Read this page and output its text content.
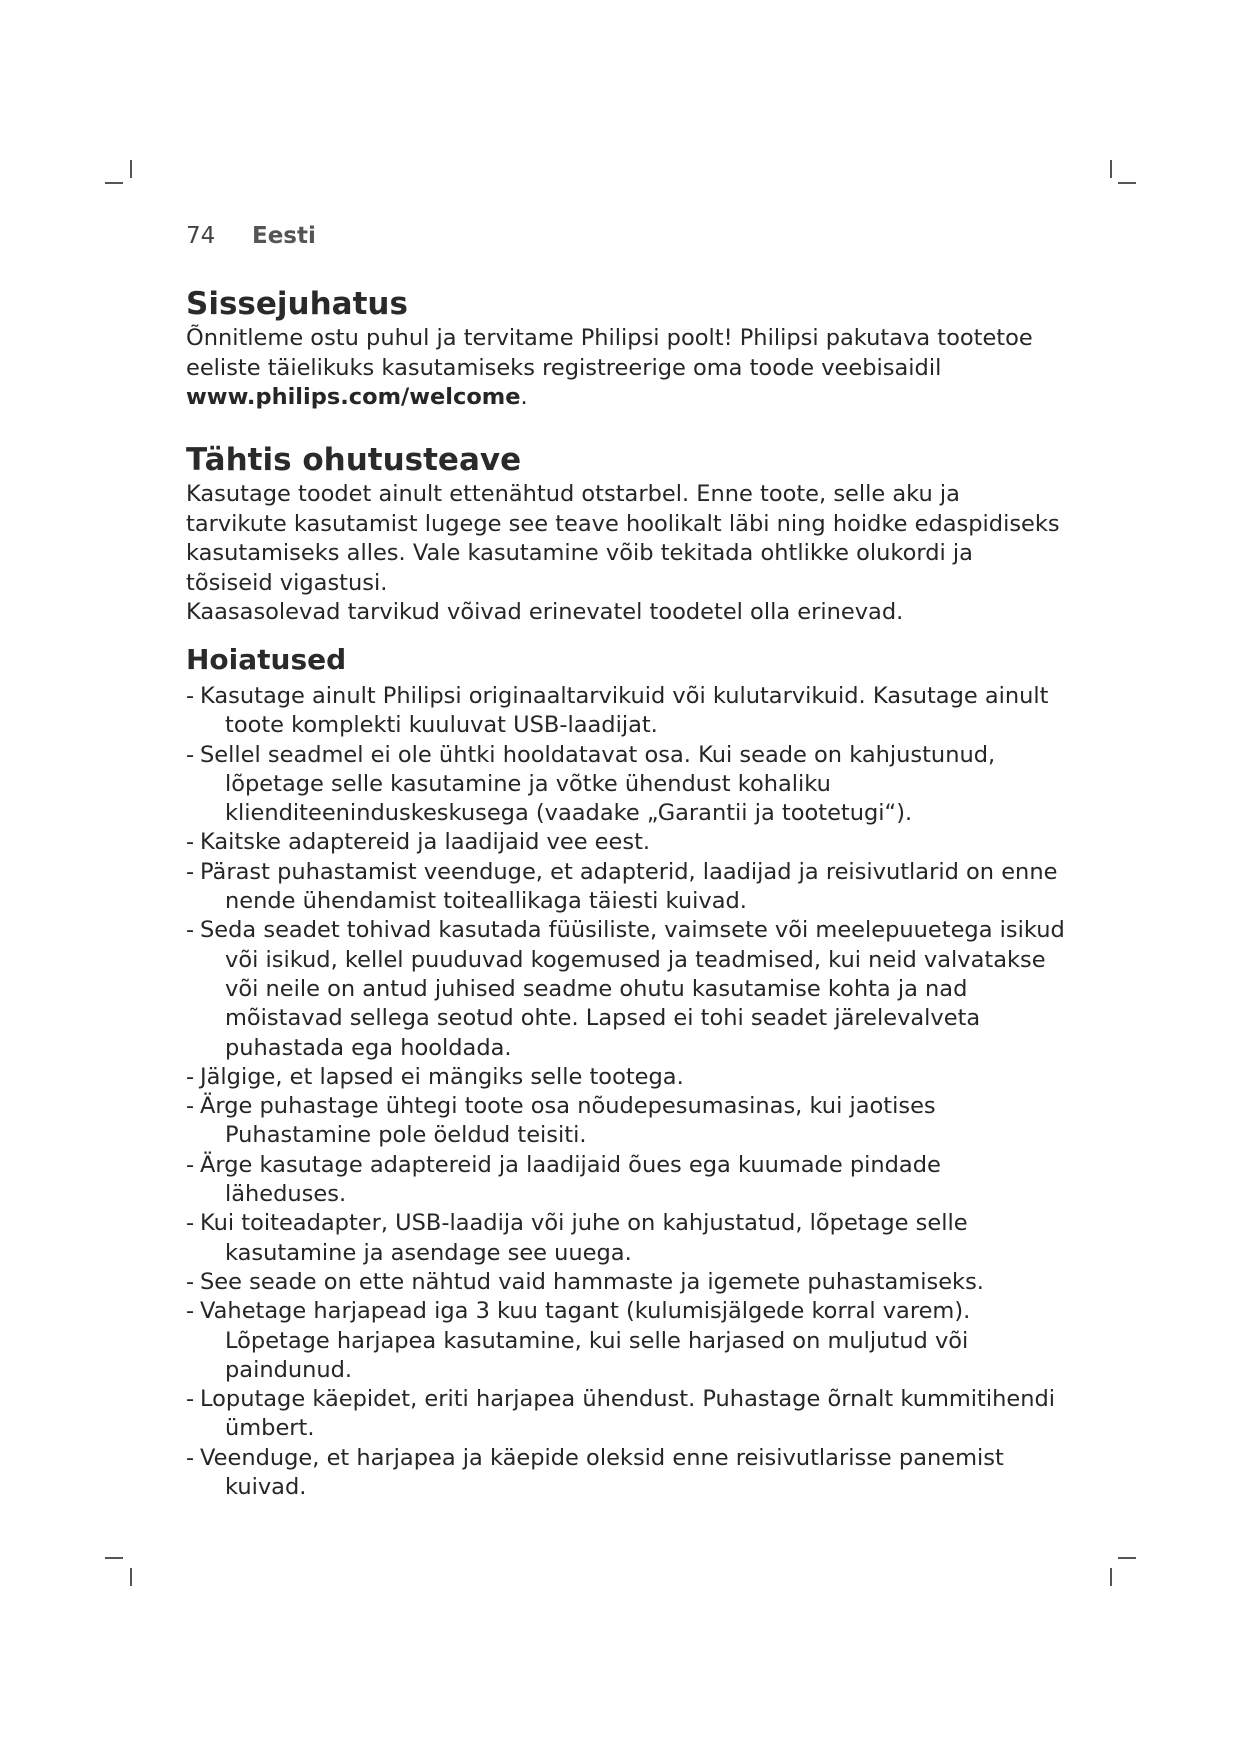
74 Eesti
Sissejuhatus

Õnnitleme ostu puhul ja tervitame Philipsi poolt! Philipsi pakutava tootetoe eeliste täielikuks kasutamiseks registreerige oma toode veebisaidil www.philips.com/welcome.

Tähtis ohutusteave

Kasutage toodet ainult ettenähtud otstarbel. Enne toote, selle aku ja tarvikute kasutamist lugege see teave hoolikalt läbi ning hoidke edaspidiseks kasutamiseks alles. Vale kasutamine võib tekitada ohtlikke olukordi ja tõsiseid vigastusi.

Kaasasolevad tarvikud võivad erinevatel toodetel olla erinevad.

Hoiatused
- Kasutage ainult Philipsi originaaltarvikuid või kulutarvikuid. Kasutage ainult toote komplekti kuuluvat USB-laadijat.
- Sellel seadmel ei ole ühtki hooldatavat osa. Kui seade on kahjustunud, lõpetage selle kasutamine ja võtke ühendust kohaliku klienditeeninduskeskusega (vaadake „Garantii ja tootetugi“).
- Kaitske adaptereid ja laadijaid vee eest.
- Pärast puhastamist veenduge, et adapterid, laadijad ja reisivutlarid on enne nende ühendamist toiteallikaga täiesti kuivad.
- Seda seadet tohivad kasutada füüsiliste, vaimsete või meelepuuetega isikud või isikud, kellel puuduvad kogemused ja teadmised, kui neid valvatakse või neile on antud juhised seadme ohutu kasutamise kohta ja nad mõistavad sellega seotud ohte. Lapsed ei tohi seadet järelevalveta puhastada ega hooldada.
- Jälgige, et lapsed ei mängiks selle tootega.
- Ärge puhastage ühtegi toote osa nõudepesumasinas, kui jaotises Puhastamine pole öeldud teisiti.
- Ärge kasutage adaptereid ja laadijaid õues ega kuumade pindade läheduses.
- Kui toiteadapter, USB-laadija või juhe on kahjustatud, lõpetage selle kasutamine ja asendage see uuega.
- See seade on ette nähtud vaid hammaste ja igemete puhastamiseks.
- Vahetage harjapead iga 3 kuu tagant (kulumisjälgede korral varem). Lõpetage harjapea kasutamine, kui selle harjased on muljutud või paindunud.
- Loputage käepidet, eriti harjapea ühendust. Puhastage õrnalt kummitihendi ümbert.
- Veenduge, et harjapea ja käepide oleksid enne reisivutlarisse panemist kuivad.
